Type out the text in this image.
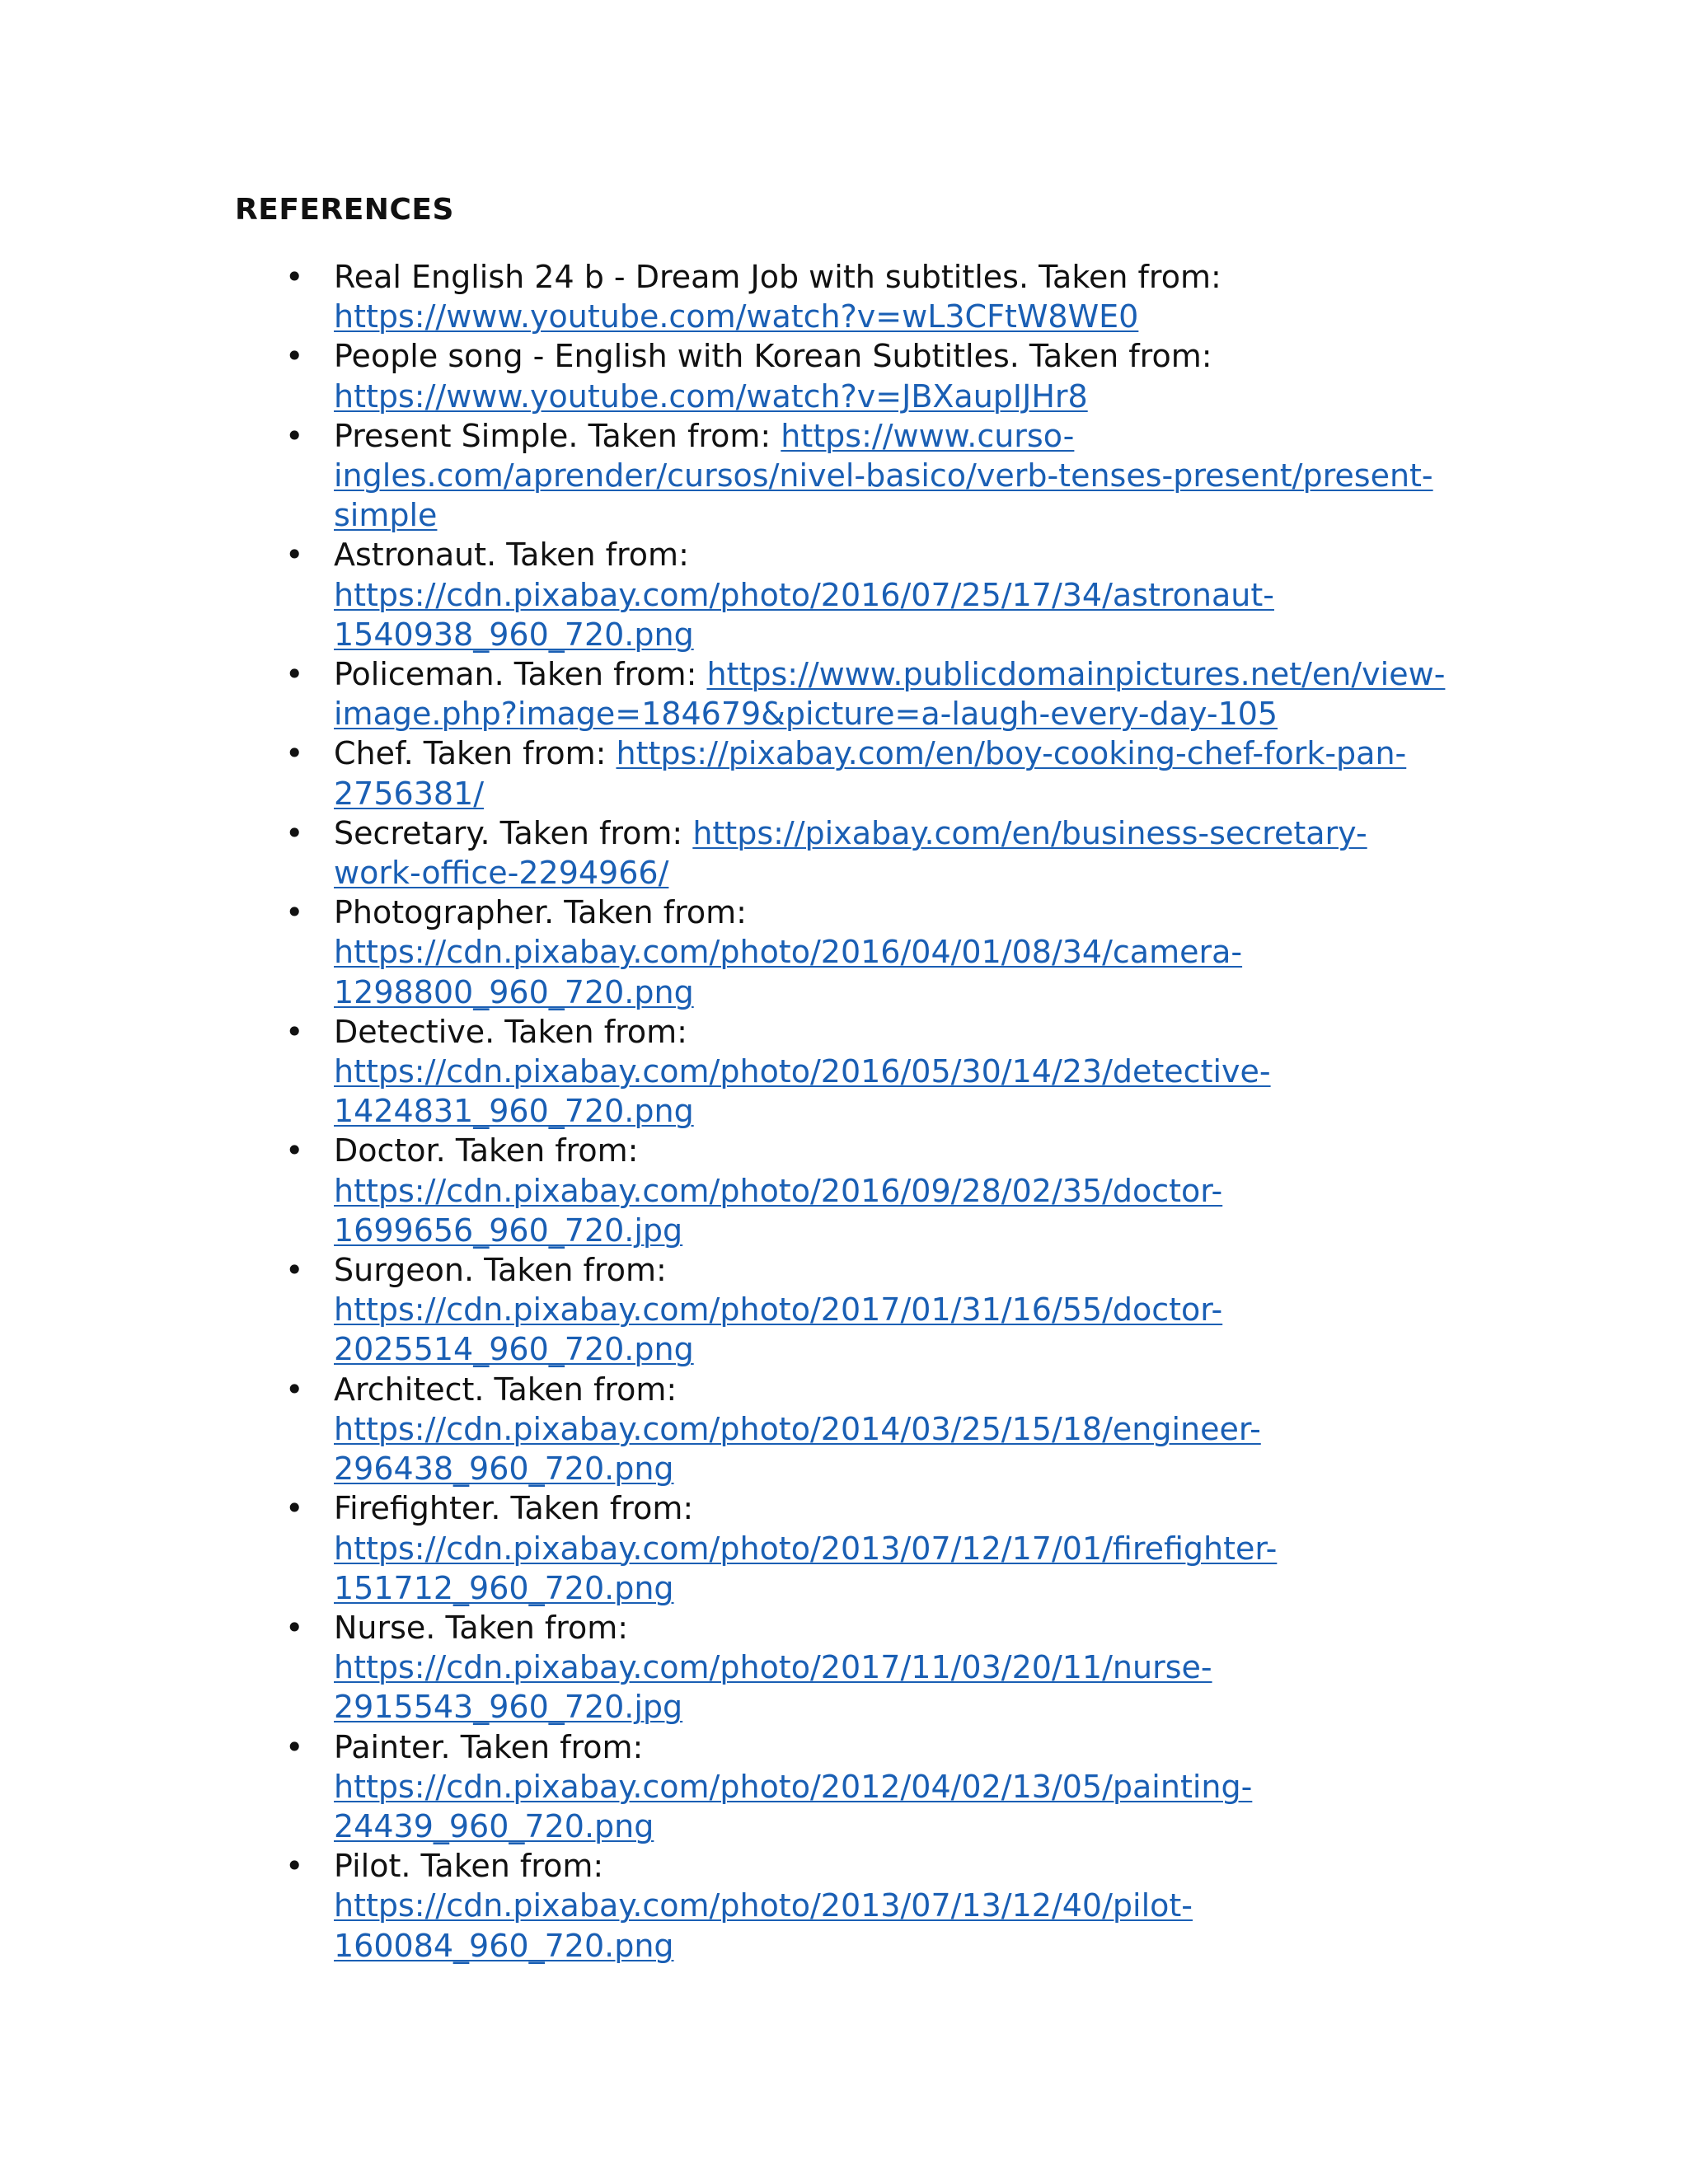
REFERENCES
• Real English 24 b - Dream Job with subtitles. Taken from:
https://www.youtube.com/watch?v=wL3CFtW8WE0
• People song - English with Korean Subtitles. Taken from:
https://www.youtube.com/watch?v=JBXaupIJHr8
• Present Simple. Taken from: https://www.curso-
ingles.com/aprender/cursos/nivel-basico/verb-tenses-present/present-
simple
• Astronaut. Taken from:
https://cdn.pixabay.com/photo/2016/07/25/17/34/astronaut-
1540938_960_720.png
• Policeman. Taken from: https://www.publicdomainpictures.net/en/view-
image.php?image=184679&picture=a-laugh-every-day-105
• Chef. Taken from: https://pixabay.com/en/boy-cooking-chef-fork-pan-
2756381/
• Secretary. Taken from: https://pixabay.com/en/business-secretary-
work-office-2294966/
• Photographer. Taken from:
https://cdn.pixabay.com/photo/2016/04/01/08/34/camera-
1298800_960_720.png
• Detective. Taken from:
https://cdn.pixabay.com/photo/2016/05/30/14/23/detective-
1424831_960_720.png
• Doctor. Taken from:
https://cdn.pixabay.com/photo/2016/09/28/02/35/doctor-
1699656_960_720.jpg
• Surgeon. Taken from:
https://cdn.pixabay.com/photo/2017/01/31/16/55/doctor-
2025514_960_720.png
• Architect. Taken from:
https://cdn.pixabay.com/photo/2014/03/25/15/18/engineer-
296438_960_720.png
• Firefighter. Taken from:
https://cdn.pixabay.com/photo/2013/07/12/17/01/firefighter-
151712_960_720.png
• Nurse. Taken from:
https://cdn.pixabay.com/photo/2017/11/03/20/11/nurse-
2915543_960_720.jpg
• Painter. Taken from:
https://cdn.pixabay.com/photo/2012/04/02/13/05/painting-
24439_960_720.png
• Pilot. Taken from:
https://cdn.pixabay.com/photo/2013/07/13/12/40/pilot-
160084_960_720.png
